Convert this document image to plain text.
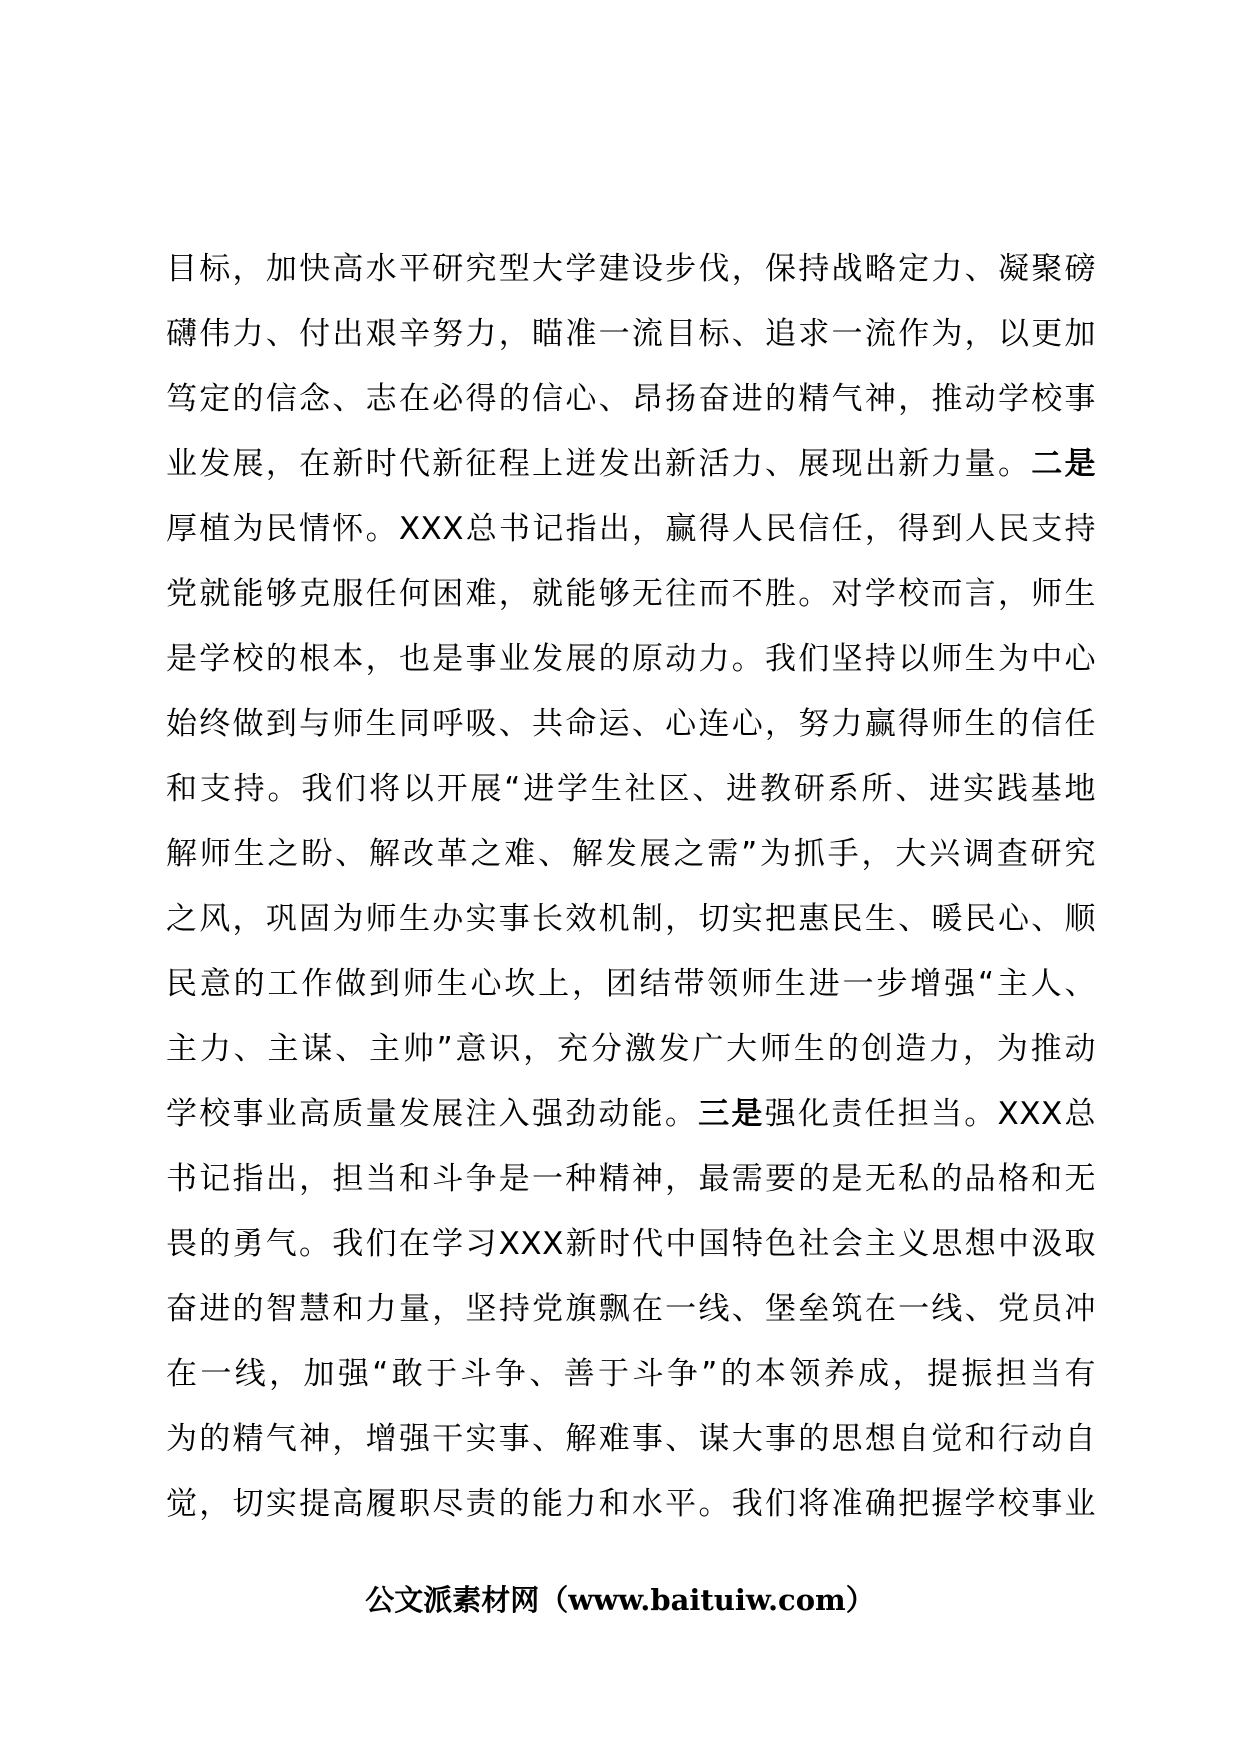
目标，加快高水平研究型大学建设步伐，保持战略定力、凝聚磅
礴伟力、付出艰辛努力，瞄准一流目标、追求一流作为，以更加
笃定的信念、志在必得的信心、昂扬奋进的精气神，推动学校事
业发展，在新时代新征程上迸发出新活力、展现出新力量。二是
厚植为民情怀。XXX总书记指出，赢得人民信任，得到人民支持
党就能够克服任何困难，就能够无往而不胜。对学校而言，师生
是学校的根本，也是事业发展的原动力。我们坚持以师生为中心
始终做到与师生同呼吸、共命运、心连心，努力赢得师生的信任
和支持。我们将以开展“进学生社区、进教研系所、进实践基地
解师生之盼、解改革之难、解发展之需”为抓手，大兴调查研究
之风，巩固为师生办实事长效机制，切实把惠民生、暖民心、顺
民意的工作做到师生心坎上，团结带领师生进一步增强“主人、
主力、主谋、主帅”意识，充分激发广大师生的创造力，为推动
学校事业高质量发展注入强劲动能。三是强化责任担当。XXX总
书记指出，担当和斗争是一种精神，最需要的是无私的品格和无
畏的勇气。我们在学习XXX新时代中国特色社会主义思想中汲取
奋进的智慧和力量，坚持党旗飘在一线、堡垒筑在一线、党员冲
在一线，加强“敢于斗争、善于斗争”的本领养成，提振担当有
为的精气神，增强干实事、解难事、谋大事的思想自觉和行动自
觉，切实提高履职尽责的能力和水平。我们将准确把握学校事业
公文派素材网（www.baituiw.com）
